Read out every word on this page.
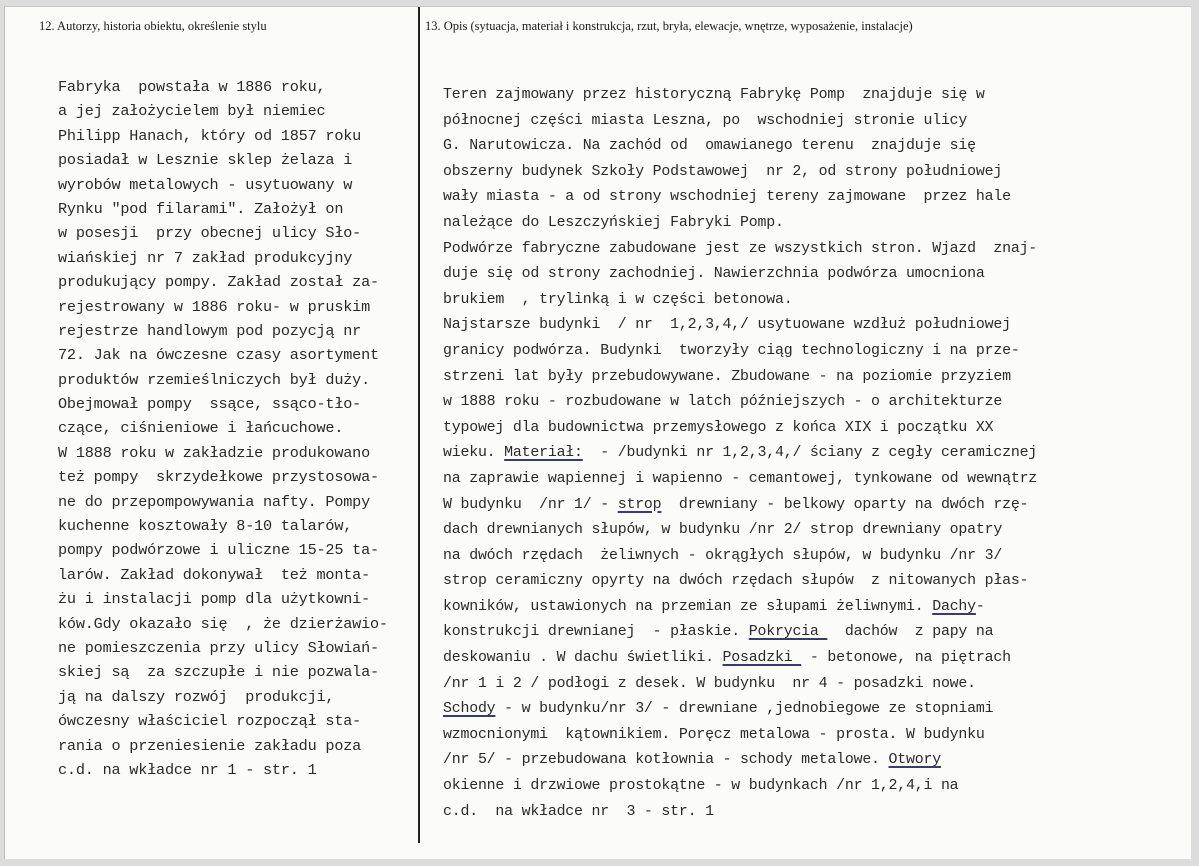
12. Autorzy, historia obiektu, określenie stylu	13. Opis (sytuacja, materiał i konstrukcja, rzut, bryła, elewacje, wnętrze, wyposażenie, instalacje)

Fabryka  powstała w 1886 roku,

a jej założycielem był niemiec

Philipp Hanach, który od 1857 roku

posiadał w Lesznie sklep żelaza i

wyrobów metalowych - usytuowany w

Rynku "pod filarami". Założył on

w posesji  przy obecnej ulicy Sło-

wiańskiej nr 7 zakład produkcyjny

produkujący pompy. Zakład został za-

rejestrowany w 1886 roku- w pruskim

rejestrze handlowym pod pozycją nr

72. Jak na ówczesne czasy asortyment

produktów rzemieślniczych był duży.

Obejmował pompy  ssące, ssąco-tło-

czące, ciśnieniowe i łańcuchowe.

W 1888 roku w zakładzie produkowano

też pompy  skrzydełkowe przystosowa-

ne do przepompowywania nafty. Pompy

kuchenne kosztowały 8-10 talarów,

pompy podwórzowe i uliczne 15-25 ta-

larów. Zakład dokonywał  też monta-

żu i instalacji pomp dla użytkowni-

ków.Gdy okazało się  , że dzierżawio-

ne pomieszczenia przy ulicy Słowiań-

skiej są  za szczupłe i nie pozwala-

ją na dalszy rozwój  produkcji,

ówczesny właściciel rozpoczął sta-

rania o przeniesienie zakładu poza

c.d. na wkładce nr 1 - str. 1

Teren zajmowany przez historyczną Fabrykę Pomp  znajduje się w

północnej części miasta Leszna, po  wschodniej stronie ulicy

G. Narutowicza. Na zachód od  omawianego terenu  znajduje się

obszerny budynek Szkoły Podstawowej  nr 2, od strony południowej

wały miasta - a od strony wschodniej tereny zajmowane  przez hale

należące do Leszczyńskiej Fabryki Pomp.

Podwórze fabryczne zabudowane jest ze wszystkich stron. Wjazd  znaj-

duje się od strony zachodniej. Nawierzchnia podwórza umocniona

brukiem  , trylinką i w części betonowa.

Najstarsze budynki  / nr  1,2,3,4,/ usytuowane wzdłuż południowej

granicy podwórza. Budynki  tworzyły ciąg technologiczny i na prze-

strzeni lat były przebudowywane. Zbudowane - na poziomie przyziem

w 1888 roku - rozbudowane w latch późniejszych - o architekturze

typowej dla budownictwa przemysłowego z końca XIX i początku XX

wieku. Materiał:  - /budynki nr 1,2,3,4,/ ściany z cegły ceramicznej

na zaprawie wapiennej i wapienno - cemantowej, tynkowane od wewnątrz

W budynku  /nr 1/ - strop  drewniany - belkowy oparty na dwóch rzę-

dach drewnianych słupów, w budynku /nr 2/ strop drewniany opatry

na dwóch rzędach  żeliwnych - okrągłych słupów, w budynku /nr 3/

strop ceramiczny opyrty na dwóch rzędach słupów  z nitowanych płas-

kowników, ustawionych na przemian ze słupami żeliwnymi. Dachy-

konstrukcji drewnianej  - płaskie. Pokrycia   dachów  z papy na

deskowaniu . W dachu świetliki. Posadzki  - betonowe, na piętrach

/nr 1 i 2 / podłogi z desek. W budynku  nr 4 - posadzki nowe.

Schody - w budynku/nr 3/ - drewniane ,jednobiegowe ze stopniami

wzmocnionymi  kątownikiem. Poręcz metalowa - prosta. W budynku

/nr 5/ - przebudowana kotłownia - schody metalowe. Otwory

okienne i drzwiowe prostokątne - w budynkach /nr 1,2,4,i na

c.d.  na wkładce nr  3 - str. 1
